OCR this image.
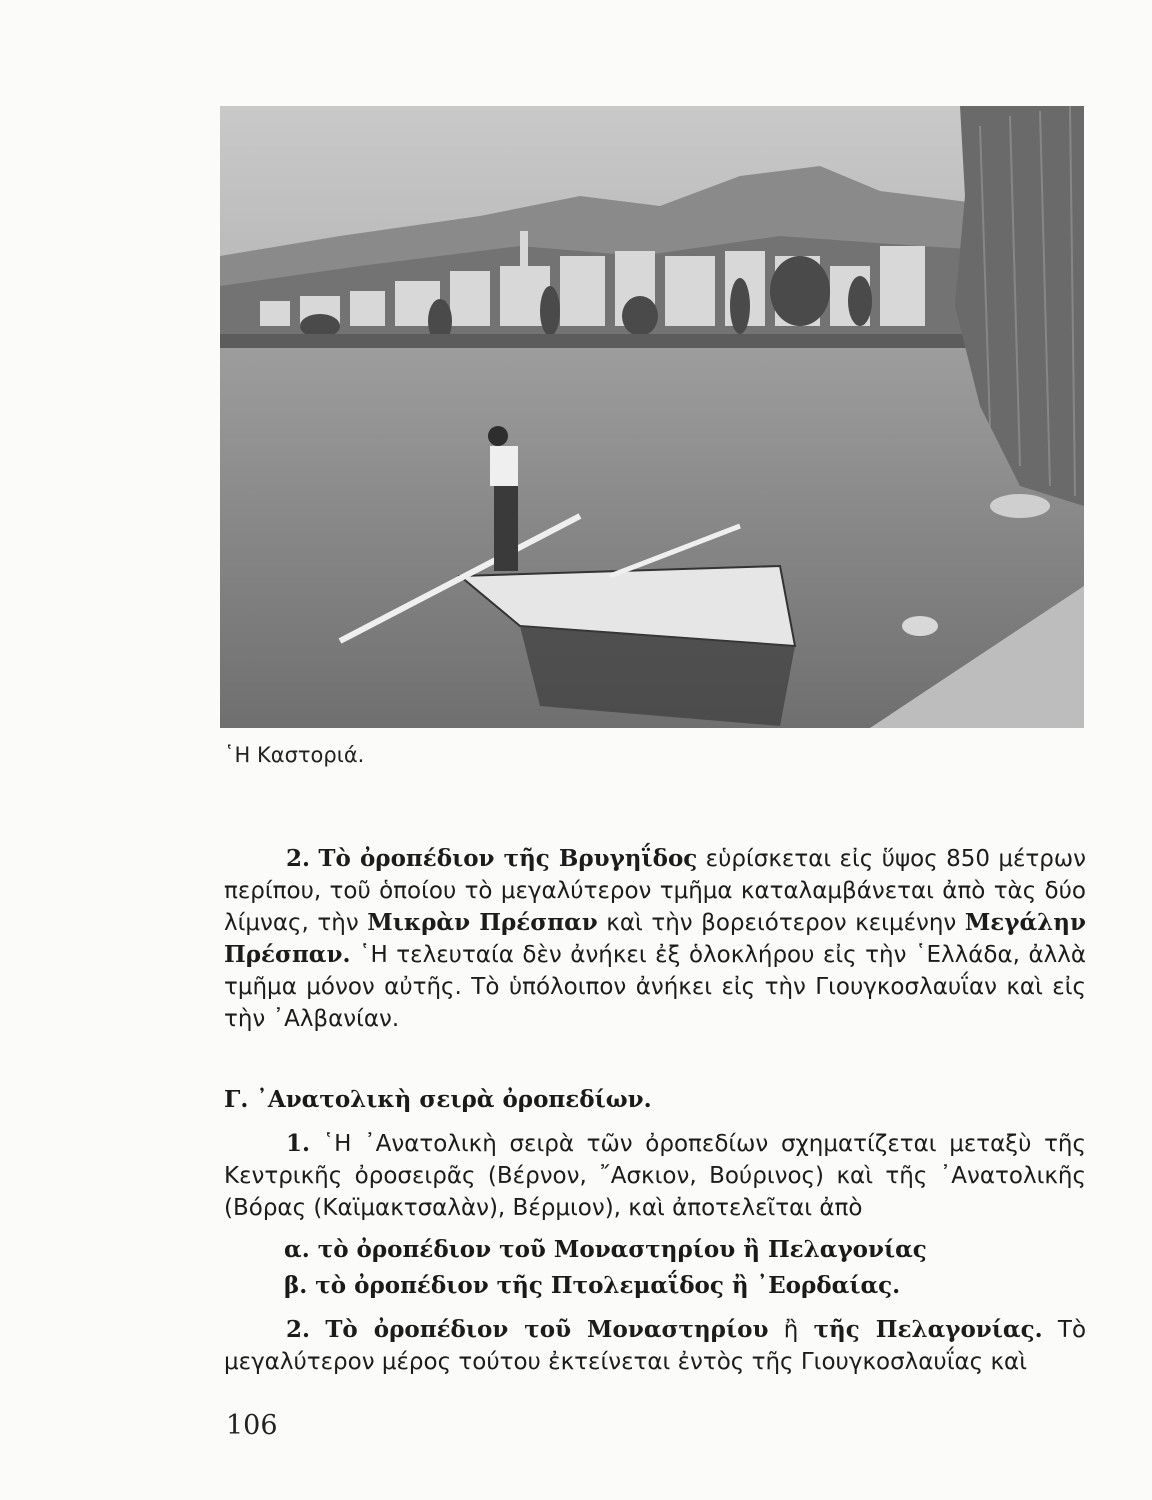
῾Η Καστοριά.

2. Τὸ ὀροπέδιον τῆς Βρυγηΐδος εὑρίσκεται εἰς ὕψος 850 μέτρων περίπου, τοῦ ὁποίου τὸ μεγαλύτερον τμῆμα καταλαμβάνεται ἀπὸ τὰς δύο λίμνας, τὴν Μικρὰν Πρέσπαν καὶ τὴν βορειότερον κειμένην Μεγάλην Πρέσπαν. ῾Η τελευταία δὲν ἀνήκει ἐξ ὁλοκλήρου εἰς τὴν ῾Ελλάδα, ἀλλὰ τμῆμα μόνον αὐτῆς. Τὸ ὑπόλοιπον ἀνήκει εἰς τὴν Γιουγκοσλαυΐαν καὶ εἰς τὴν ᾿Αλβανίαν.

Γ. ᾿Ανατολικὴ σειρὰ ὀροπεδίων.

1. ῾Η ᾿Ανατολικὴ σειρὰ τῶν ὀροπεδίων σχηματίζεται μεταξὺ τῆς Κεντρικῆς ὀροσειρᾶς (Βέρνον, ῎Ασκιον, Βούρινος) καὶ τῆς ᾿Ανατολικῆς (Βόρας (Καϊμακτσαλὰν), Βέρμιον), καὶ ἀποτελεῖται ἀπὸ

α. τὸ ὀροπέδιον τοῦ Μοναστηρίου ἢ Πελαγονίας
β. τὸ ὀροπέδιον τῆς Πτολεμαΐδος ἢ ᾿Εορδαίας.

2. Τὸ ὀροπέδιον τοῦ Μοναστηρίου ἢ τῆς Πελαγονίας. Τὸ μεγαλύτερον μέρος τούτου ἐκτείνεται ἐντὸς τῆς Γιουγκοσλαυΐας καὶ

106
